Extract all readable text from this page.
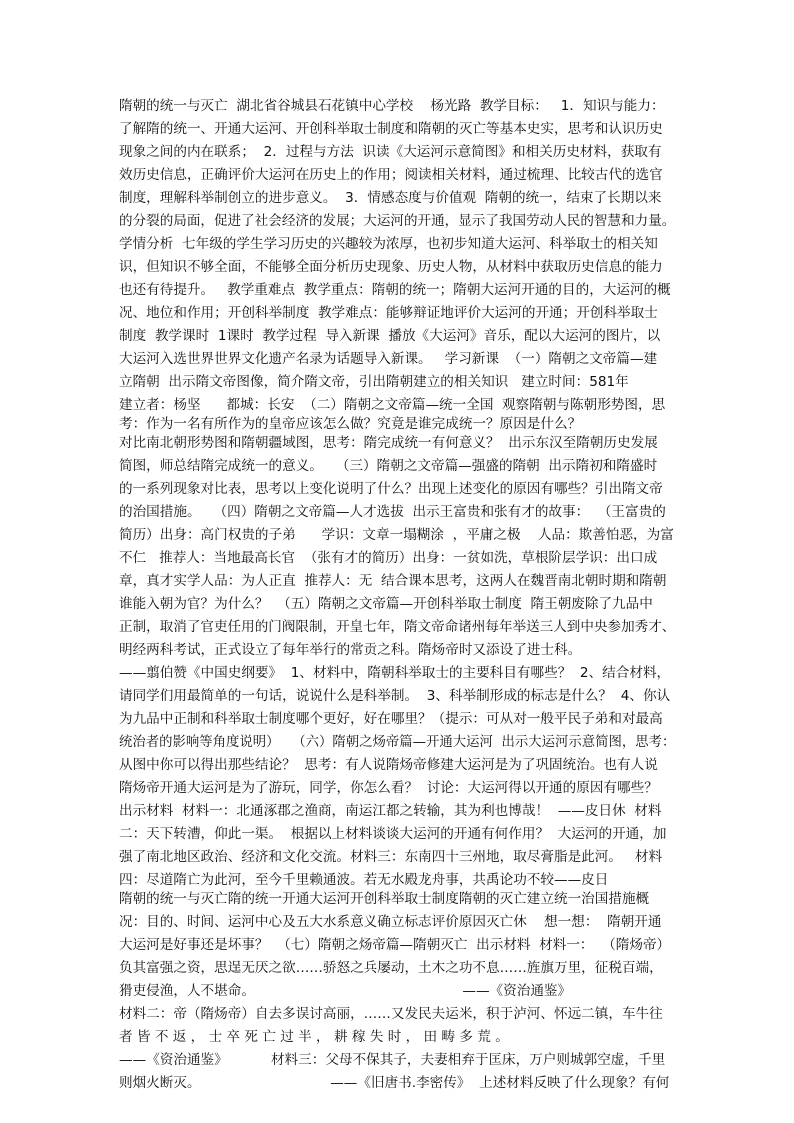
隋朝的统一与灭亡  湖北省谷城县石花镇中心学校    杨光路  教学目标：   1．知识与能力：
了解隋的统一、开通大运河、开创科举取士制度和隋朝的灭亡等基本史实，思考和认识历史
现象之间的内在联系；  2．过程与方法  识读《大运河示意简图》和相关历史材料，获取有
效历史信息，正确评价大运河在历史上的作用；阅读相关材料，通过梳理、比较古代的选官
制度，理解科举制创立的进步意义。  3．情感态度与价值观  隋朝的统一，结束了长期以来
的分裂的局面，促进了社会经济的发展；大运河的开通，显示了我国劳动人民的智慧和力量。
学情分析  七年级的学生学习历史的兴趣较为浓厚，也初步知道大运河、科举取士的相关知
识，但知识不够全面，不能够全面分析历史现象、历史人物，从材料中获取历史信息的能力
也还有待提升。   教学重难点  教学重点：隋朝的统一；隋朝大运河开通的目的，大运河的概
况、地位和作用；开创科举制度  教学难点：能够辩证地评价大运河的开通；开创科举取士
制度  教学课时  1课时  教学过程  导入新课  播放《大运河》音乐，配以大运河的图片，以
大运河入选世界世界文化遗产名录为话题导入新课。   学习新课  （一）隋朝之文帝篇—建
立隋朝  出示隋文帝图像，简介隋文帝，引出隋朝建立的相关知识   建立时间：581年
建立者：杨坚      都城：长安  （二）隋朝之文帝篇—统一全国  观察隋朝与陈朝形势图，思
考：作为一名有所作为的皇帝应该怎么做？究竟是谁完成统一？原因是什么？
对比南北朝形势图和隋朝疆域图，思考：隋完成统一有何意义？  出示东汉至隋朝历史发展
简图，师总结隋完成统一的意义。   （三）隋朝之文帝篇—强盛的隋朝  出示隋初和隋盛时
的一系列现象对比表，思考以上变化说明了什么？出现上述变化的原因有哪些？引出隋文帝
的治国措施。   （四）隋朝之文帝篇—人才选拔  出示王富贵和张有才的故事：  （王富贵的
简历）出身：高门权贵的子弟      学识：文章一塌糊涂  ，平庸之极    人品：欺善怕恶，为富
不仁   推荐人：当地最高长官  （张有才的简历）出身：一贫如洗，草根阶层学识：出口成
章，真才实学人品：为人正直  推荐人：无  结合课本思考，这两人在魏晋南北朝时期和隋朝
谁能入朝为官？为什么？  （五）隋朝之文帝篇—开创科举取士制度  隋王朝废除了九品中
正制，取消了官吏任用的门阀限制，开皇七年，隋文帝命诸州每年举送三人到中央参加秀才、
明经两科考试，正式设立了每年举行的常贡之科。隋炀帝时又添设了进士科。
——翦伯赞《中国史纲要》  1、材料中，隋朝科举取士的主要科目有哪些？  2、结合材料，
请同学们用最简单的一句话，说说什么是科举制。  3、科举制形成的标志是什么？  4、你认
为九品中正制和科举取士制度哪个更好，好在哪里？（提示：可从对一般平民子弟和对最高
统治者的影响等角度说明）   （六）隋朝之炀帝篇—开通大运河  出示大运河示意简图，思考：
从图中你可以得出那些结论？  思考：有人说隋炀帝修建大运河是为了巩固统治。也有人说
隋炀帝开通大运河是为了游玩，同学，你怎么看？  讨论：大运河得以开通的原因有哪些？
出示材料  材料一：北通涿郡之渔商，南运江都之转输，其为利也博哉！  ——皮日休  材料
二：天下转漕，仰此一渠。  根据以上材料谈谈大运河的开通有何作用？  大运河的开通，加
强了南北地区政治、经济和文化交流。材料三：东南四十三州地，取尽膏脂是此河。   材料
四：尽道隋亡为此河，至今千里赖通波。若无水殿龙舟事，共禹论功不较——皮日
隋朝的统一与灭亡隋的统一开通大运河开创科举取士制度隋朝的灭亡建立统一治国措施概
况：目的、时间、运河中心及五大水系意义确立标志评价原因灭亡休    想一想：  隋朝开通
大运河是好事还是坏事？  （七）隋朝之炀帝篇—隋朝灭亡  出示材料  材料一：  （隋炀帝）
负其富强之资，思逞无厌之欲……骄怒之兵屡动，土木之功不息……旌旗万里，征税百端，
猾吏侵渔，人不堪命。                                                ——《资治通鉴》
材料二：帝（隋炀帝）自去多误讨高丽，……又发民夫运米，积于泸河、怀远二镇，车牛往
者 皆 不 返 ， 士 卒 死 亡 过 半 ， 耕 稼 失 时 ， 田 畴 多 荒 。
——《资治通鉴》          材料三：父母不保其子，夫妻相弃于匡床，万户则城郭空虚，千里
则烟火断灭。                              ——《旧唐书.李密传》  上述材料反映了什么现象？有何
